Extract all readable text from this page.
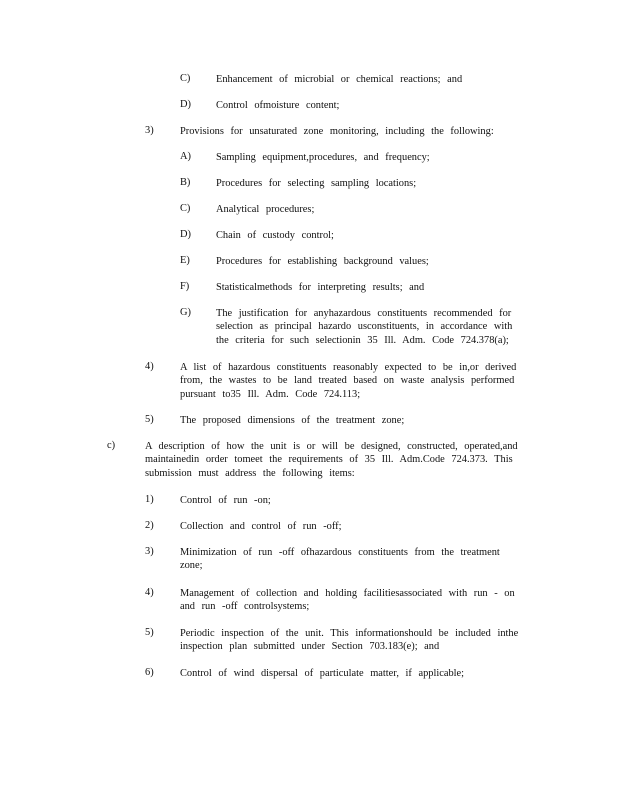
C) Enhancement of microbial or chemical reactions; and
D) Control ofmoisture content;
3)	Provisions for unsaturated zone monitoring, including the following:
A) Sampling equipment,procedures, and frequency;
B) Procedures for selecting sampling locations;
C) Analytical procedures;
D) Chain of custody control;
E)	Procedures for establishing background values;
F)	Statisticalmethods for interpreting results; and
G) The justification for anyhazardous constituents recommended for
selection as principal hazardo usconstituents, in accordance with
the criteria for such selectionin 35 Ill. Adm. Code 724.378(a);
4)	A list of hazardous constituents reasonably expected to be in,or derived
from, the wastes to be land treated based on waste analysis performed
pursuant to35 Ill. Adm. Code 724.113;
5)	The proposed dimensions of the treatment zone;
c)	A description of how the unit is or will be designed, constructed, operated,and
maintainedin order tomeet the requirements of 35 Ill. Adm.Code 724.373. This
submission must address the following items:
1)	Control of run -on;
2)	Collection and control of run -off;
3)	Minimization of run -off ofhazardous constituents from the treatment
zone;
4)	Management of collection and holding facilitiesassociated with run - on
and run -off controlsystems;
5)	Periodic inspection of the unit. This informationshould be included inthe
inspection plan submitted under Section 703.183(e); and
6)	Control of wind dispersal of particulate matter, if applicable;
